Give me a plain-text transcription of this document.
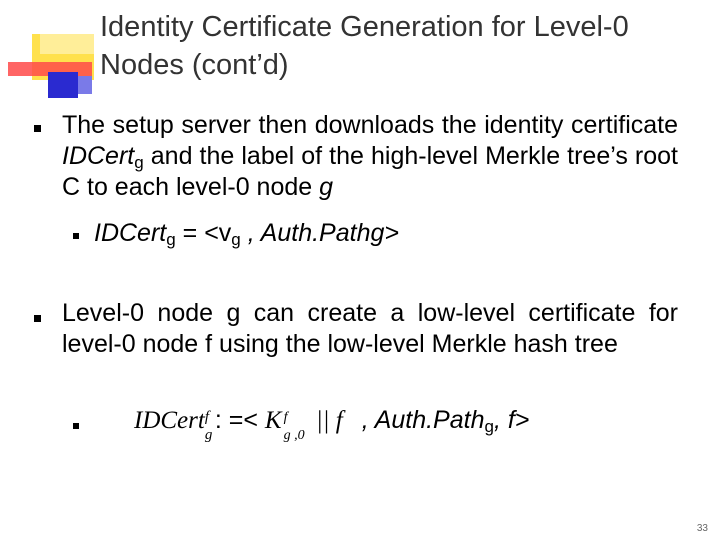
Identity Certificate Generation for Level-0
Nodes (cont’d)
The setup server then downloads the identity certificate IDCert$_g$ and the label of the high-level Merkle tree’s root C to each level-0 node g
IDCert$_g$ = $<v_g$ , Auth.Pathg>
Level-0 node g can create a low-level certificate for level-0 node f using the low-level Merkle hash tree
IDCert f
g
: =< K f
g ,0
|| f , Auth.Path$_g$, f>
33
